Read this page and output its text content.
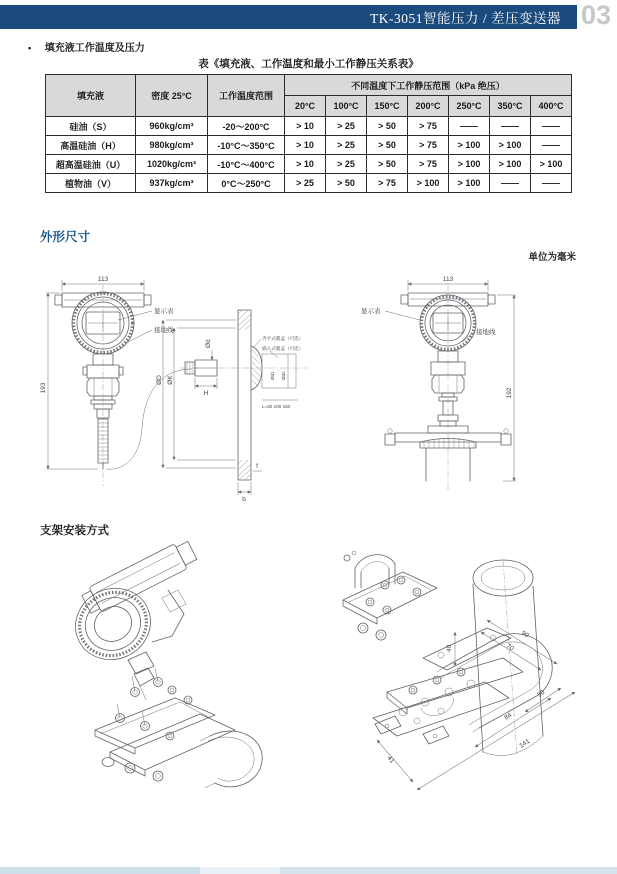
TK-3051智能压力 / 差压变送器 03
• 填充液工作温度及压力
表《填充液、工作温度和最小工作静压关系表》
填充液	密度 25°C	工作温度范围	不同温度下工作静压范围（kPa 绝压）						
			20°C	100°C	150°C	200°C	250°C	350°C	400°C
硅油（S）	960kg/cm³	-20～200°C	> 10	> 25	> 50	> 75	——	——	——
高温硅油（H）	980kg/cm³	-10°C～350°C	> 10	> 25	> 50	> 75	> 100	> 100	——
超高温硅油（U）	1020kg/cm³	-10°C～400°C	> 10	> 25	> 50	> 75	> 100	> 100	> 100
植物油（V）	937kg/cm³	0°C～250°C	> 25	> 50	> 75	> 100	> 100	——	——
外形尺寸
单位为毫米
113
193
显示表
接地线
Ød1 Ød2
ØD ØK
Ød
H
齐平式膜盒（可选）
插入式膜盒（可选）
L=50 100 150
b
f
113
192
显示表
接地线
支架安装方式
40
90
70
50
84
141
41
